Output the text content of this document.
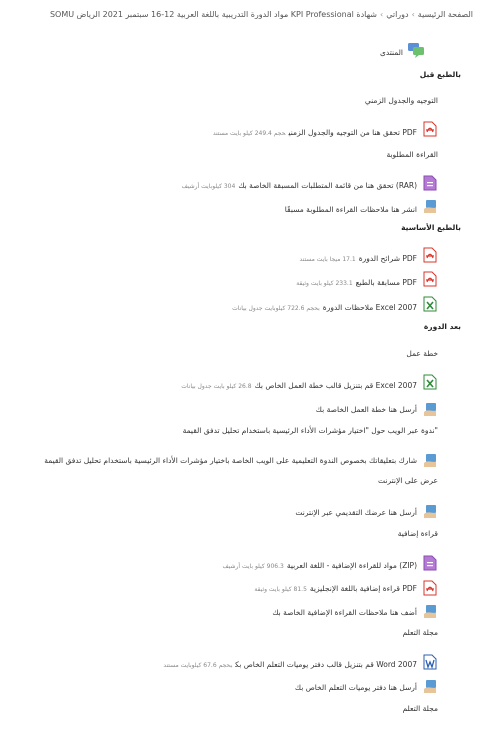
الصفحة الرئيسية›دوراتي›شهادة KPI Professional مواد الدورة التدريبية باللغة العربية 12-16 سبتمبر 2021 الرياض SOMU
المنتدى
بالطبع قبل
التوجيه والجدول الزمني
PDF تحقق هنا من التوجيه والجدول الزمنيحجم 249.4 كيلو بايت مستند
القراءة المطلوبة
(RAR) تحقق هنا من قائمة المتطلبات المسبقة الخاصة بك304 كيلوبايت أرشيف
انشر هنا ملاحظات القراءة المطلوبة مسبقًا
بالطبع الأساسية
PDF شرائح الدورة17.1 ميجا بايت مستند
PDF مسابقة بالطبع233.1 كيلو بايت وثيقة
Excel 2007 ملاحظات الدورةبحجم 722.6 كيلوبايت جدول بيانات
بعد الدورة
خطة عمل
Excel 2007 قم بتنزيل قالب خطة العمل الخاص بك26.8 كيلو بايت جدول بيانات
أرسل هنا خطة العمل الخاصة بك
"ندوة عبر الويب حول "اختيار مؤشرات الأداء الرئيسية باستخدام تحليل تدفق القيمة
شارك بتعليقاتك بخصوص الندوة التعليمية على الويب الخاصة باختيار مؤشرات الأداء الرئيسية باستخدام تحليل تدفق القيمة
عرض على الإنترنت
أرسل هنا عرضك التقديمي عبر الإنترنت
قراءة إضافية
(ZIP) مواد للقراءة الإضافية - اللغة العربية906.3 كيلو بايت أرشيف
PDF قراءة إضافية باللغة الإنجليزية81.5 كيلو بايت وثيقة
أضف هنا ملاحظات القراءة الإضافية الخاصة بك
مجلة التعلم
Word 2007 قم بتنزيل قالب دفتر يوميات التعلم الخاص بكبحجم 67.6 كيلوبايت مستند
أرسل هنا دفتر يوميات التعلم الخاص بك
مجلة التعلم
